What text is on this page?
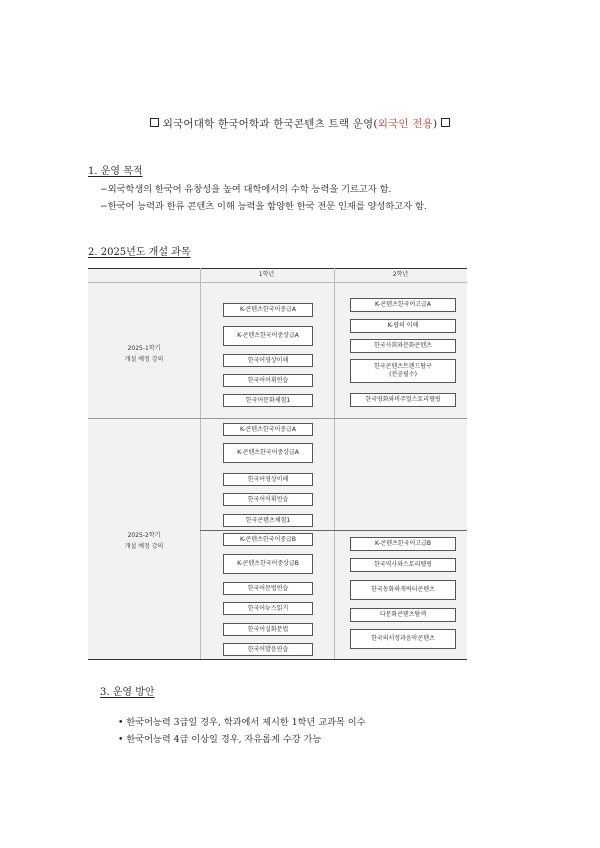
외국어대학 한국어학과 한국콘텐츠 트랙 운영(외국인 전용)
1. 운영 목적
−외국학생의 한국어 유창성을 높여 대학에서의 수학 능력을 기르고자 함.
−한국어 능력과 한류 콘텐츠 이해 능력을 함양한 한국 전문 인재를 양성하고자 함.
2. 2025년도 개설 과목
1학년	2학년
2025-1학기
개설 예정 강의
K-콘텐츠한국어중급A
K-콘텐츠한국어중상급A
한국어영상이해
한국어어휘연습
한국어문화체험1
K-콘텐츠한국어고급A
K-팝의 이해
한국사회와문화콘텐츠
한국콘텐츠트렌드탐구
(전공필수)
한국영화와비주얼스토리텔링
2025-2학기
개설 예정 강의
K-콘텐츠한국어중급A
K-콘텐츠한국어중상급A
한국어영상이해
한국어어휘연습
한국콘텐츠체험1
K-콘텐츠한국어중급B
K-콘텐츠한국어중상급B
한국어문법연습
한국어뉴스읽기
한국어실화문법
한국어발음연습
K-콘텐츠한국어고급B
한국역사와스토리텔링
한국동화와캐릭터콘텐츠
다문화콘텐츠탐색
한국의서정과음악콘텐츠
3. 운영 방안
• 한국어능력 3급일 경우, 학과에서 제시한 1학년 교과목 이수
• 한국어능력 4급 이상일 경우, 자유롭게 수강 가능
